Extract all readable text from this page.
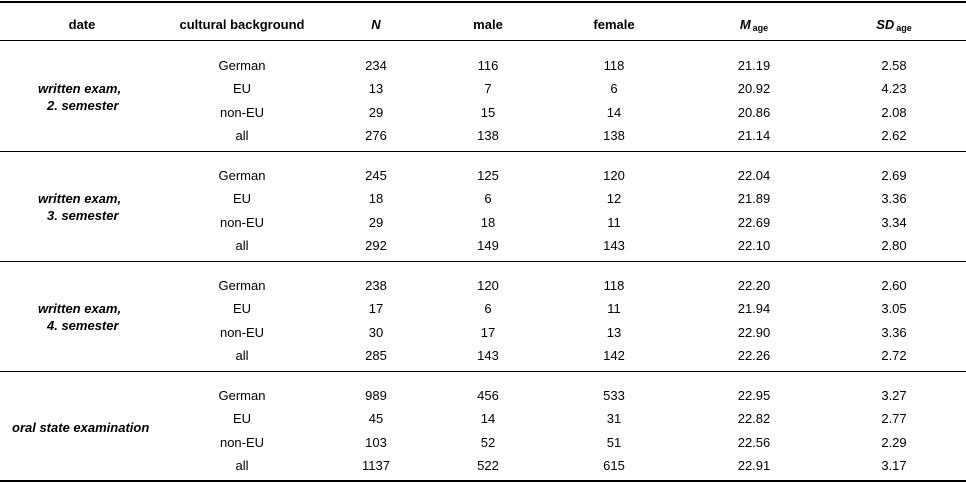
date	cultural background	N	male	female	M $_{age}$	SD $_{age}$
written exam,
2. semester
German	234	116	118	21.19	2.58
EU	13	7	6	20.92	4.23
non-EU	29	15	14	20.86	2.08
all	276	138	138	21.14	2.62
written exam,
3. semester
German	245	125	120	22.04	2.69
EU	18	6	12	21.89	3.36
non-EU	29	18	11	22.69	3.34
all	292	149	143	22.10	2.80
written exam,
4. semester
German	238	120	118	22.20	2.60
EU	17	6	11	21.94	3.05
non-EU	30	17	13	22.90	3.36
all	285	143	142	22.26	2.72
oral state examination
German	989	456	533	22.95	3.27
EU	45	14	31	22.82	2.77
non-EU	103	52	51	22.56	2.29
all	1137	522	615	22.91	3.17
